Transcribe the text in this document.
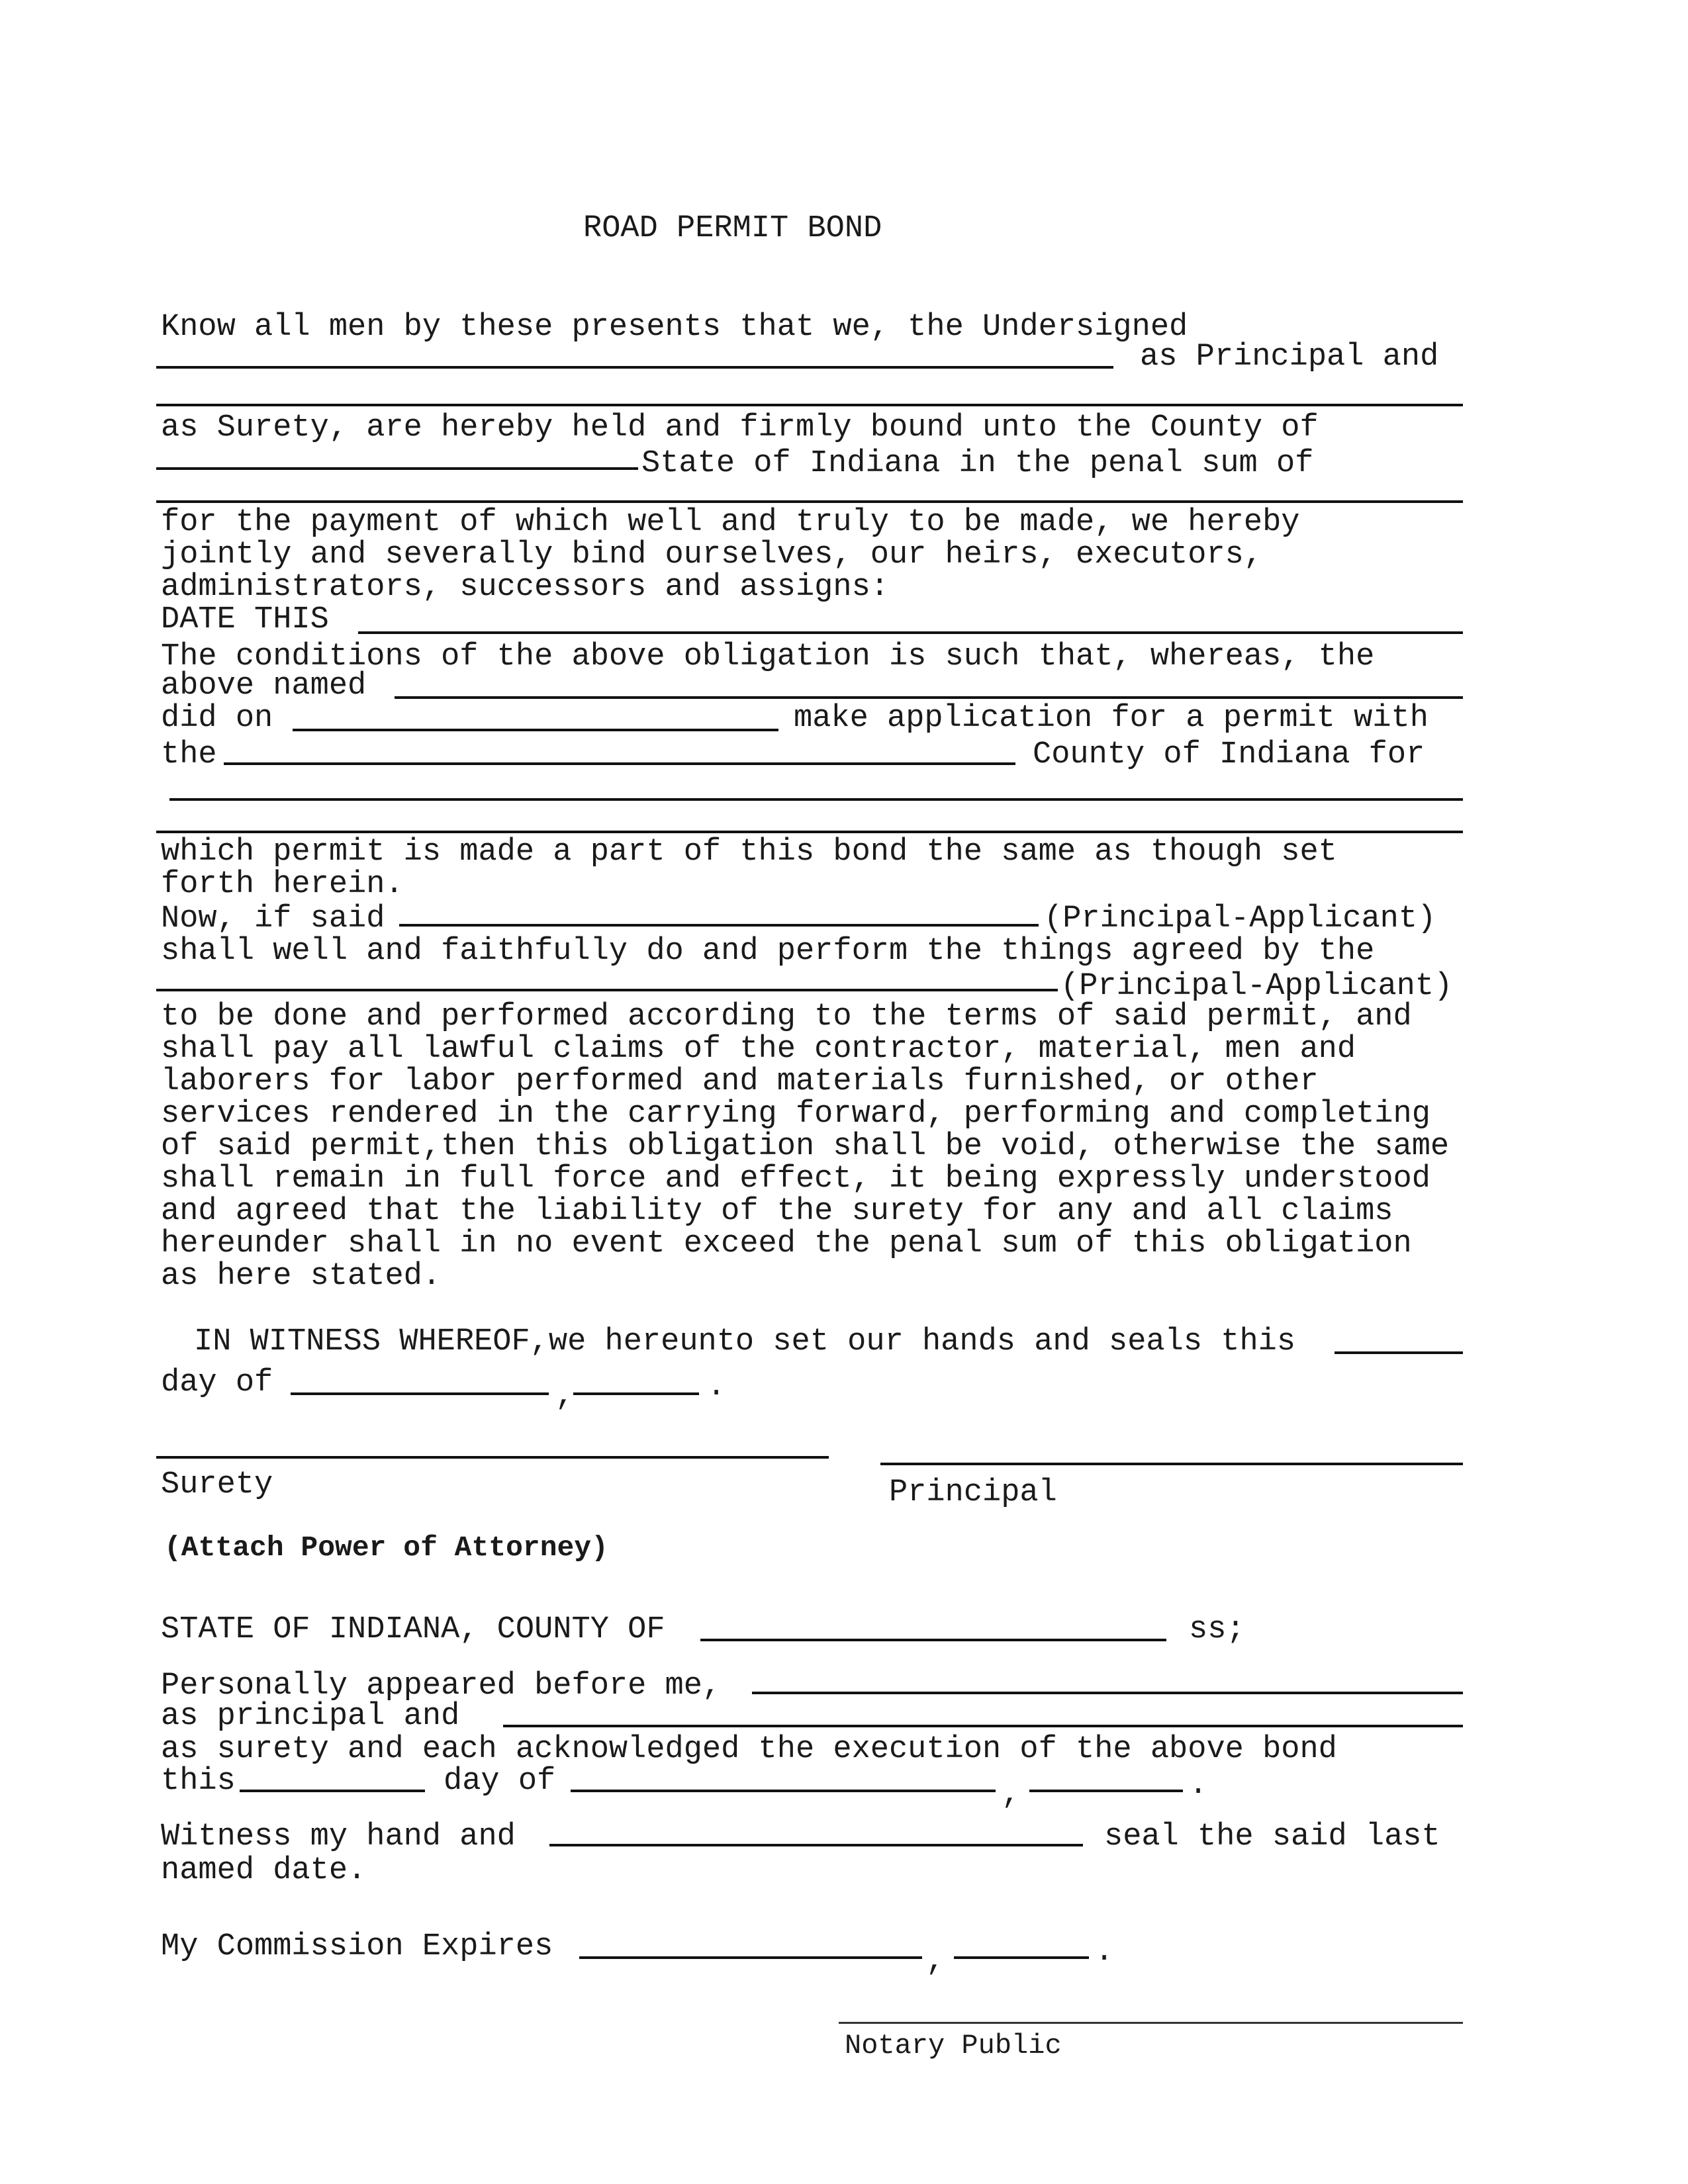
ROAD PERMIT BOND
Know all men by these presents that we, the Undersigned
as Principal and
as Surety, are hereby held and firmly bound unto the County of
State of Indiana in the penal sum of
for the payment of which well and truly to be made, we hereby
jointly and severally bind ourselves, our heirs, executors,
administrators, successors and assigns:
DATE THIS
The conditions of the above obligation is such that, whereas, the
above named
did on	make application for a permit with
the	County of Indiana for
which permit is made a part of this bond the same as though set
forth herein.
Now, if said	(Principal-Applicant)
shall well and faithfully do and perform the things agreed by the
(Principal-Applicant)
to be done and performed according to the terms of said permit, and
shall pay all lawful claims of the contractor, material, men and
laborers for labor performed and materials furnished, or other
services rendered in the carrying forward, performing and completing
of said permit,then this obligation shall be void, otherwise the same
shall remain in full force and effect, it being expressly understood
and agreed that the liability of the surety for any and all claims
hereunder shall in no event exceed the penal sum of this obligation
as here stated.
IN WITNESS WHEREOF,we hereunto set our hands and seals this
day of	,	.
Surety	Principal
(Attach Power of Attorney)
STATE OF INDIANA, COUNTY OF	ss;
Personally appeared before me,
as principal and
as surety and each acknowledged the execution of the above bond
this	day of	,	.
Witness my hand and	seal the said last
named date.
My Commission Expires	,	.
Notary Public
